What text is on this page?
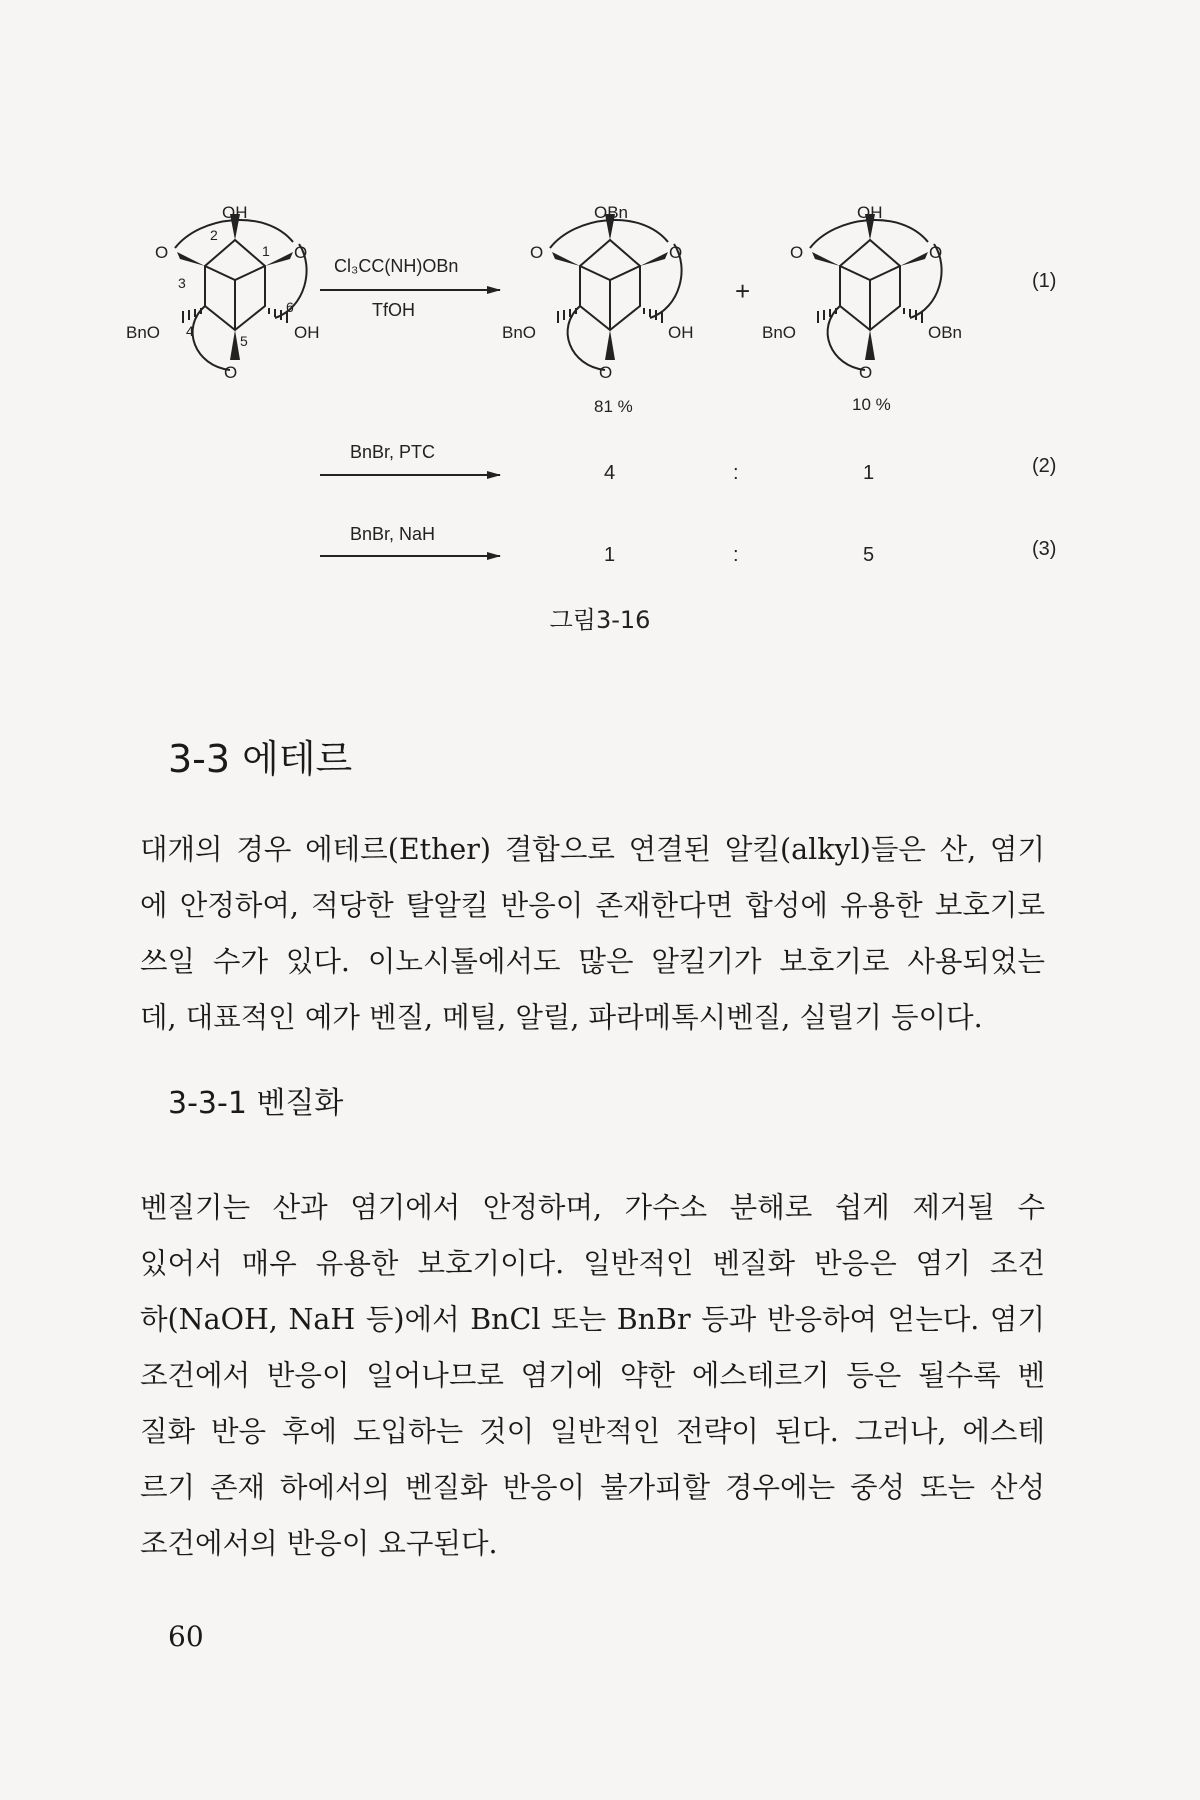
OH
2
1
3
4
5
6
O	O
O
BnO	OH
OBn
O	O
O
BnO	OH
OH
O	O
O
BnO	OBn
+
Cl₃CC(NH)OBn
TfOH
BnBr, PTC
BnBr, NaH
81 %	10 %
4	:	1
1	:	5
(1)
(2)
(3)
그림3-16
3-3 에테르
대개의 경우 에테르(Ether) 결합으로 연결된 알킬(alkyl)들은 산, 염기
에 안정하여, 적당한 탈알킬 반응이 존재한다면 합성에 유용한 보호기로
쓰일 수가 있다. 이노시톨에서도 많은 알킬기가 보호기로 사용되었는
데, 대표적인 예가 벤질, 메틸, 알릴, 파라메톡시벤질, 실릴기 등이다.
3-3-1 벤질화
벤질기는 산과 염기에서 안정하며, 가수소 분해로 쉽게 제거될 수
있어서 매우 유용한 보호기이다. 일반적인 벤질화 반응은 염기 조건
하(NaOH, NaH 등)에서 BnCl 또는 BnBr 등과 반응하여 얻는다. 염기
조건에서 반응이 일어나므로 염기에 약한 에스테르기 등은 될수록 벤
질화 반응 후에 도입하는 것이 일반적인 전략이 된다. 그러나, 에스테
르기 존재 하에서의 벤질화 반응이 불가피할 경우에는 중성 또는 산성
조건에서의 반응이 요구된다.
60
